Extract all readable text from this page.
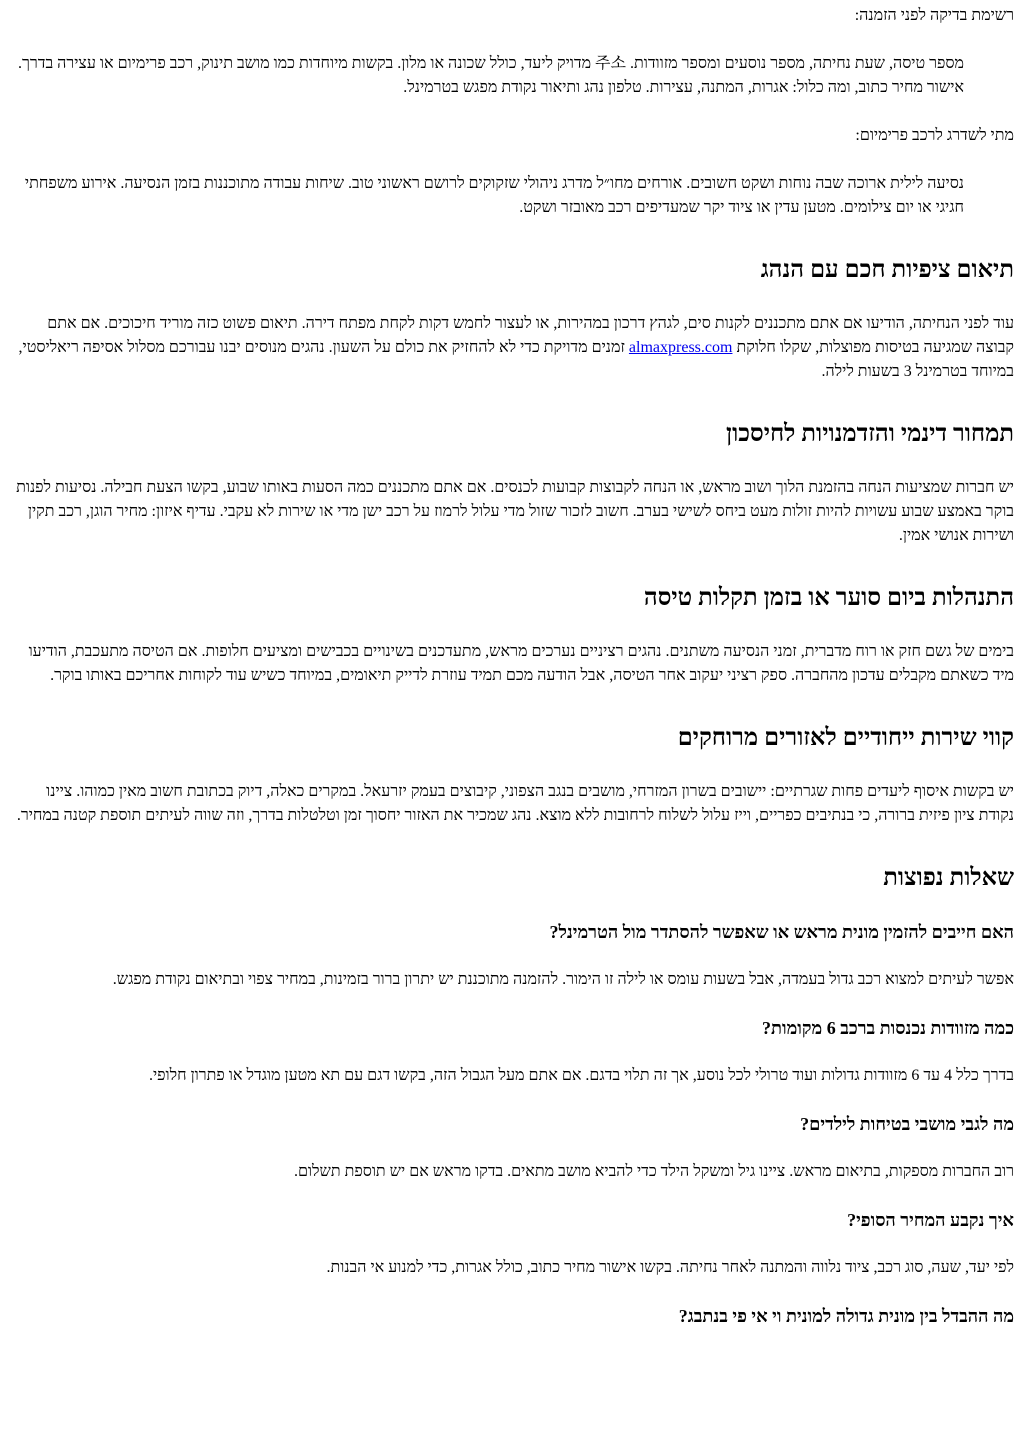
רשימת בדיקה לפני הזמנה:

מספר טיסה, שעת נחיתה, מספר נוסעים ומספר מזוודות. 주소 מדויק ליעד, כולל שכונה או מלון. בקשות מיוחדות כמו מושב תינוק, רכב פרימיום או עצירה בדרך. אישור מחיר כתוב, ומה כלול: אגרות, המתנה, עצירות. טלפון נהג ותיאור נקודת מפגש בטרמינל.

מתי לשדרג לרכב פרימיום:

נסיעה לילית ארוכה שבה נוחות ושקט חשובים. אורחים מחו״ל מדרג ניהולי שזקוקים לרושם ראשוני טוב. שיחות עבודה מתוכננות בזמן הנסיעה. אירוע משפחתי חגיגי או יום צילומים. מטען עדין או ציוד יקר שמעדיפים רכב מאובזר ושקט.

תיאום ציפיות חכם עם הנהג

עוד לפני הנחיתה, הודיעו אם אתם מתכננים לקנות סים, לגהץ דרכון במהירות, או לעצור לחמש דקות לקחת מפתח דירה. תיאום פשוט כזה מוריד חיכוכים. אם אתם קבוצה שמגיעה בטיסות מפוצלות, שקלו חלוקת almaxpress.com זמנים מדויקת כדי לא להחזיק את כולם על השעון. נהגים מנוסים יבנו עבורכם מסלול אסיפה ריאליסטי, במיוחד בטרמינל 3 בשעות לילה.

תמחור דינמי והזדמנויות לחיסכון

יש חברות שמציעות הנחה בהזמנת הלוך ושוב מראש, או הנחה לקבוצות קבועות לכנסים. אם אתם מתכננים כמה הסעות באותו שבוע, בקשו הצעת חבילה. נסיעות לפנות בוקר באמצע שבוע עשויות להיות זולות מעט ביחס לשישי בערב. חשוב לזכור שזול מדי עלול לרמוז על רכב ישן מדי או שירות לא עקבי. עדיף איזון: מחיר הוגן, רכב תקין ושירות אנושי אמין.

התנהלות ביום סוער או בזמן תקלות טיסה

בימים של גשם חזק או רוח מדברית, זמני הנסיעה משתנים. נהגים רציניים נערכים מראש, מתעדכנים בשינויים בכבישים ומציעים חלופות. אם הטיסה מתעכבת, הודיעו מיד כשאתם מקבלים עדכון מהחברה. ספק רציני יעקוב אחר הטיסה, אבל הודעה מכם תמיד עוזרת לדייק תיאומים, במיוחד כשיש עוד לקוחות אחריכם באותו בוקר.

קווי שירות ייחודיים לאזורים מרוחקים

יש בקשות איסוף ליעדים פחות שגרתיים: יישובים בשרון המזרחי, מושבים בנגב הצפוני, קיבוצים בעמק יזרעאל. במקרים כאלה, דיוק בכתובת חשוב מאין כמוהו. ציינו נקודת ציון פיזית ברורה, כי בנתיבים כפריים, וייז עלול לשלוח לרחובות ללא מוצא. נהג שמכיר את האזור יחסוך זמן וטלטלות בדרך, וזה שווה לעיתים תוספת קטנה במחיר.

שאלות נפוצות
האם חייבים להזמין מונית מראש או שאפשר להסתדר מול הטרמינל?

אפשר לעיתים למצוא רכב גדול בעמדה, אבל בשעות עומס או לילה זו הימור. להזמנה מתוכננת יש יתרון ברור בזמינות, במחיר צפוי ובתיאום נקודת מפגש.

כמה מזוודות נכנסות ברכב 6 מקומות?

בדרך כלל 4 עד 6 מזוודות גדולות ועוד טרולי לכל נוסע, אך זה תלוי בדגם. אם אתם מעל הגבול הזה, בקשו דגם עם תא מטען מוגדל או פתרון חלופי.

מה לגבי מושבי בטיחות לילדים?

רוב החברות מספקות, בתיאום מראש. ציינו גיל ומשקל הילד כדי להביא מושב מתאים. בדקו מראש אם יש תוספת תשלום.

איך נקבע המחיר הסופי?

לפי יעד, שעה, סוג רכב, ציוד נלווה והמתנה לאחר נחיתה. בקשו אישור מחיר כתוב, כולל אגרות, כדי למנוע אי הבנות.

מה ההבדל בין מונית גדולה למונית וי אי פי בנתבג?
